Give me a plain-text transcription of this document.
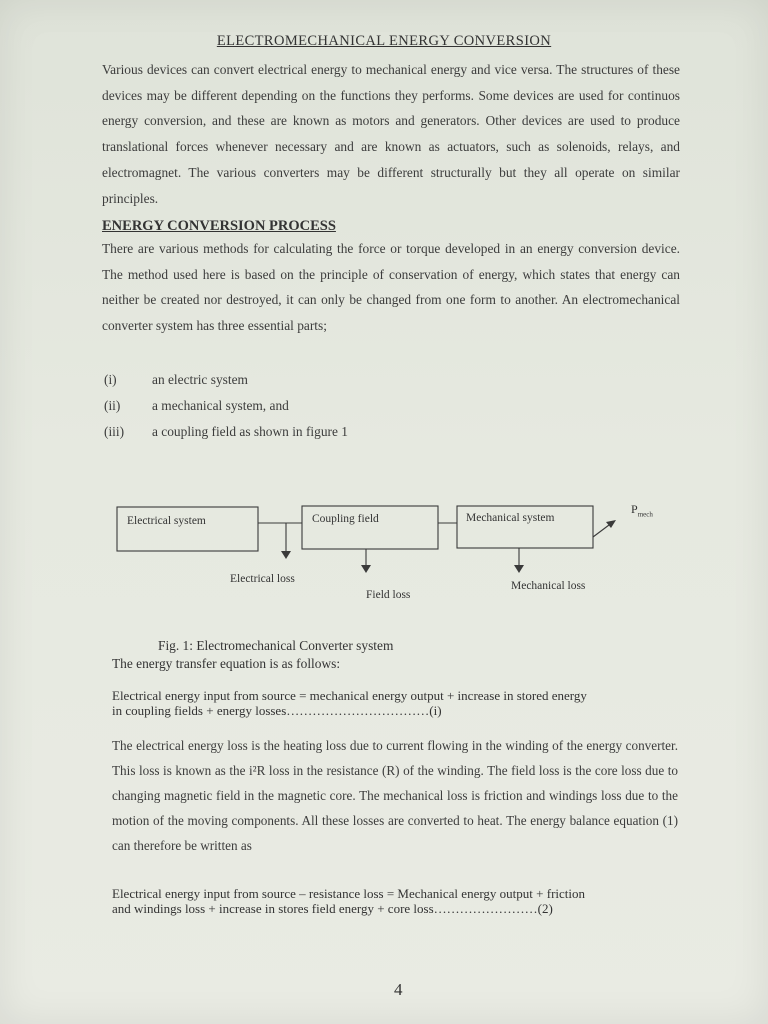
ELECTROMECHANICAL ENERGY CONVERSION

Various devices can convert electrical energy to mechanical energy and vice versa. The structures of these devices may be different depending on the functions they performs. Some devices are used for continuos energy conversion, and these are known as motors and generators. Other devices are used to produce translational forces whenever necessary and are known as actuators, such as solenoids, relays, and electromagnet. The various converters may be different structurally but they all operate on similar principles.

ENERGY CONVERSION PROCESS

There are various methods for calculating the force or torque developed in an energy conversion device. The method used here is based on the principle of conservation of energy, which states that energy can neither be created nor destroyed, it can only be changed from one form to another. An electromechanical converter system has three essential parts;

(i)	an electric system
(ii) a mechanical system, and
(iii) a coupling field as shown in figure 1
Electrical system	Coupling field	Mechanical system
$P_{mech}$
Electrical loss
Field loss
Mechanical loss
Fig. 1: Electromechanical Converter system
The energy transfer equation is as follows:
Electrical energy input from source = mechanical energy output + increase in stored energy
in coupling fields + energy losses……………………………(i)

The electrical energy loss is the heating loss due to current flowing in the winding of the energy converter. This loss is known as the i²R loss in the resistance (R) of the winding. The field loss is the core loss due to changing magnetic field in the magnetic core. The mechanical loss is friction and windings loss due to the motion of the moving components. All these losses are converted to heat. The energy balance equation (1) can therefore be written as

Electrical energy input from source – resistance loss = Mechanical energy output + friction
and windings loss + increase in stores field energy + core loss……………………(2)
4
